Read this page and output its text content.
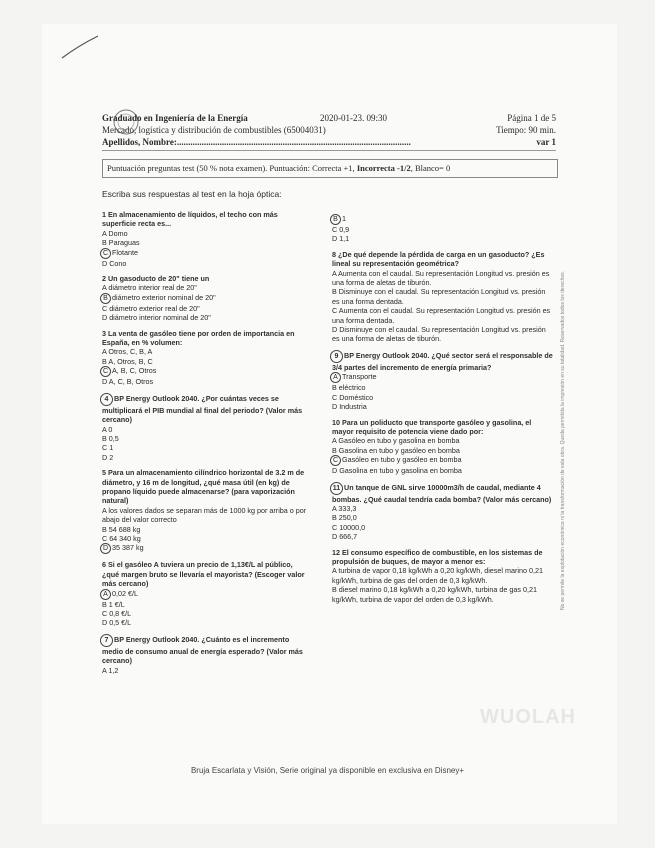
Graduado en Ingeniería de la Energía	2020-01-23. 09:30	Página 1 de 5
Mercado, logística y distribución de combustibles (65004031)	Tiempo: 90 min.
Apellidos, Nombre:........................................................................................................	var 1
Puntuación preguntas test (50 % nota examen). Puntuación: Correcta +1, Incorrecta -1/2, Blanco= 0
Escriba sus respuestas al test en la hoja óptica:
1 En almacenamiento de líquidos, el techo con más superficie recta es...
A Domo
B Paraguas
C Flotante
D Cono
2 Un gasoducto de 20" tiene un
A diámetro interior real de 20"
B diámetro exterior nominal de 20"
C diámetro exterior real de 20"
D diámetro interior nominal de 20"
3 La venta de gasóleo tiene por orden de importancia en España, en % volumen:
A Otros, C, B, A
B A, Otros, B, C
C A, B, C, Otros
D A, C, B, Otros
4 BP Energy Outlook 2040. ¿Por cuántas veces se multiplicará el PIB mundial al final del periodo? (Valor más cercano)
A 0
B 0,5
C 1
D 2
5 Para un almacenamiento cilíndrico horizontal de 3.2 m de diámetro, y 16 m de longitud, ¿qué masa útil (en kg) de propano líquido puede almacenarse? (para vaporización natural)
A los valores dados se separan más de 1000 kg por arriba o por abajo del valor correcto
B 54 688 kg
C 64 340 kg
D 35 387 kg
6 Si el gasóleo A tuviera un precio de 1,13€/L al público, ¿qué margen bruto se llevaría el mayorista? (Escoger valor más cercano)
A 0,02 €/L
B 1 €/L
C 0,8 €/L
D 0,5 €/L
7 BP Energy Outlook 2040. ¿Cuánto es el incremento medio de consumo anual de energía esperado? (Valor más cercano)
A 1,2
B 1
C 0,9
D 1,1
8 ¿De qué depende la pérdida de carga en un gasoducto? ¿Es lineal su representación geométrica?
A Aumenta con el caudal. Su representación Longitud vs. presión es una forma de aletas de tiburón.
B Disminuye con el caudal. Su representación Longitud vs. presión es una forma dentada.
C Aumenta con el caudal. Su representación Longitud vs. presión es una forma dentada.
D Disminuye con el caudal. Su representación Longitud vs. presión es una forma de aletas de tiburón.
9 BP Energy Outlook 2040. ¿Qué sector será el responsable de 3/4 partes del incremento de energía primaria?
A Transporte
B eléctrico
C Doméstico
D Industria
10 Para un poliducto que transporte gasóleo y gasolina, el mayor requisito de potencia viene dado por:
A Gasóleo en tubo y gasolina en bomba
B Gasolina en tubo y gasóleo en bomba
C Gasóleo en tubo y gasóleo en bomba
D Gasolina en tubo y gasolina en bomba
11 Un tanque de GNL sirve 10000m3/h de caudal, mediante 4 bombas. ¿Qué caudal tendría cada bomba? (Valor más cercano)
A 333,3
B 250,0
C 10000,0
D 666,7
12 El consumo específico de combustible, en los sistemas de propulsión de buques, de mayor a menor es:
A turbina de vapor 0,18 kg/kWh a 0,20 kg/kWh, diesel marino 0,21 kg/kWh, turbina de gas del orden de 0,3 kg/kWh.
B diesel marino 0,18 kg/kWh a 0,20 kg/kWh, turbina de gas 0,21 kg/kWh, turbina de vapor del orden de 0,3 kg/kWh.	No se permite la explotación económica ni la transformación de esta obra. Queda permitida la impresión en su totalidad. Reservados todos los derechos.
WUOLAH
Bruja Escarlata y Visión, Serie original ya disponible en exclusiva en Disney+
